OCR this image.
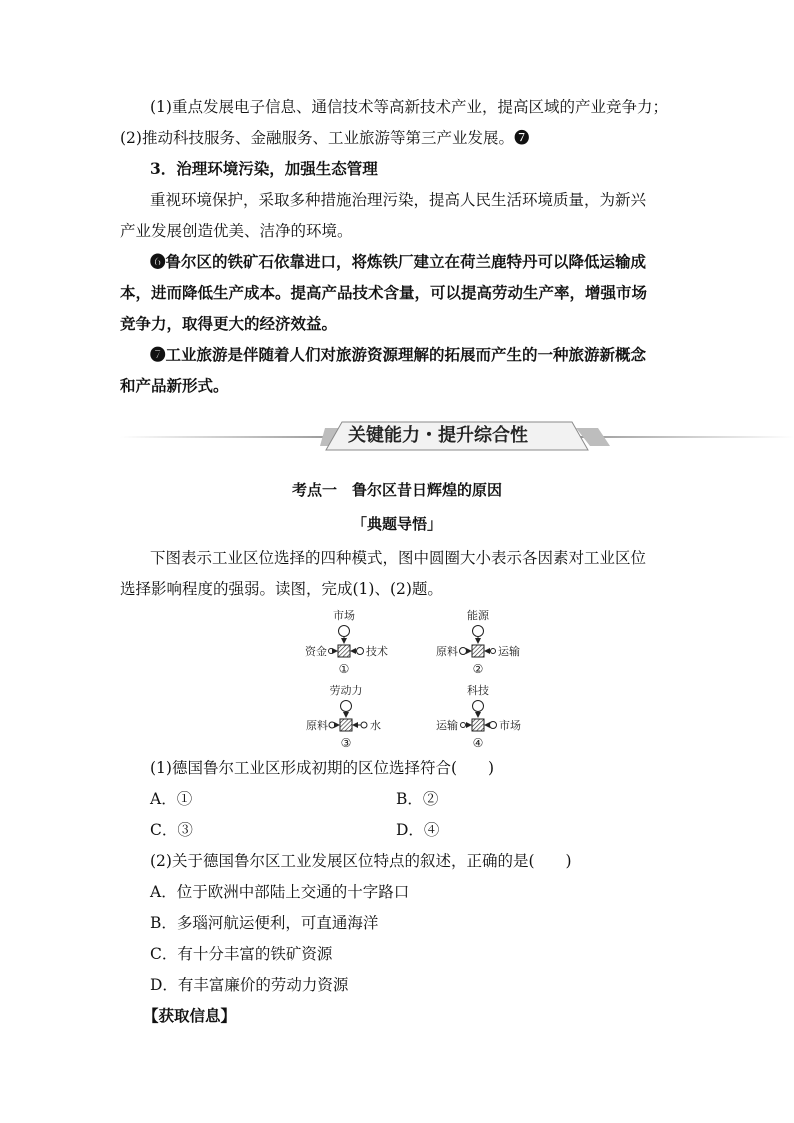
(1)重点发展电子信息、通信技术等高新技术产业，提高区域的产业竞争力；
(2)推动科技服务、金融服务、工业旅游等第三产业发展。❼
3．治理环境污染，加强生态管理
重视环境保护，采取多种措施治理污染，提高人民生活环境质量，为新兴
产业发展创造优美、洁净的环境。
❻鲁尔区的铁矿石依靠进口，将炼铁厂建立在荷兰鹿特丹可以降低运输成
本，进而降低生产成本。提高产品技术含量，可以提高劳动生产率，增强市场
竞争力，取得更大的经济效益。
❼工业旅游是伴随着人们对旅游资源理解的拓展而产生的一种旅游新概念
和产品新形式。
关键能力・提升综合性
考点一　鲁尔区昔日辉煌的原因
「典题导悟」
下图表示工业区位选择的四种模式，图中圆圈大小表示各因素对工业区位
选择影响程度的强弱。读图，完成(1)、(2)题。
市场
资金	技术
①
能源
原料	运输
②
劳动力
原料	水
③
科技
运输	市场
④
(1)德国鲁尔工业区形成初期的区位选择符合(　　)
A．①	B．②
C．③	D．④
(2)关于德国鲁尔区工业发展区位特点的叙述，正确的是(　　)
A．位于欧洲中部陆上交通的十字路口
B．多瑙河航运便利，可直通海洋
C．有十分丰富的铁矿资源
D．有丰富廉价的劳动力资源
【获取信息】
